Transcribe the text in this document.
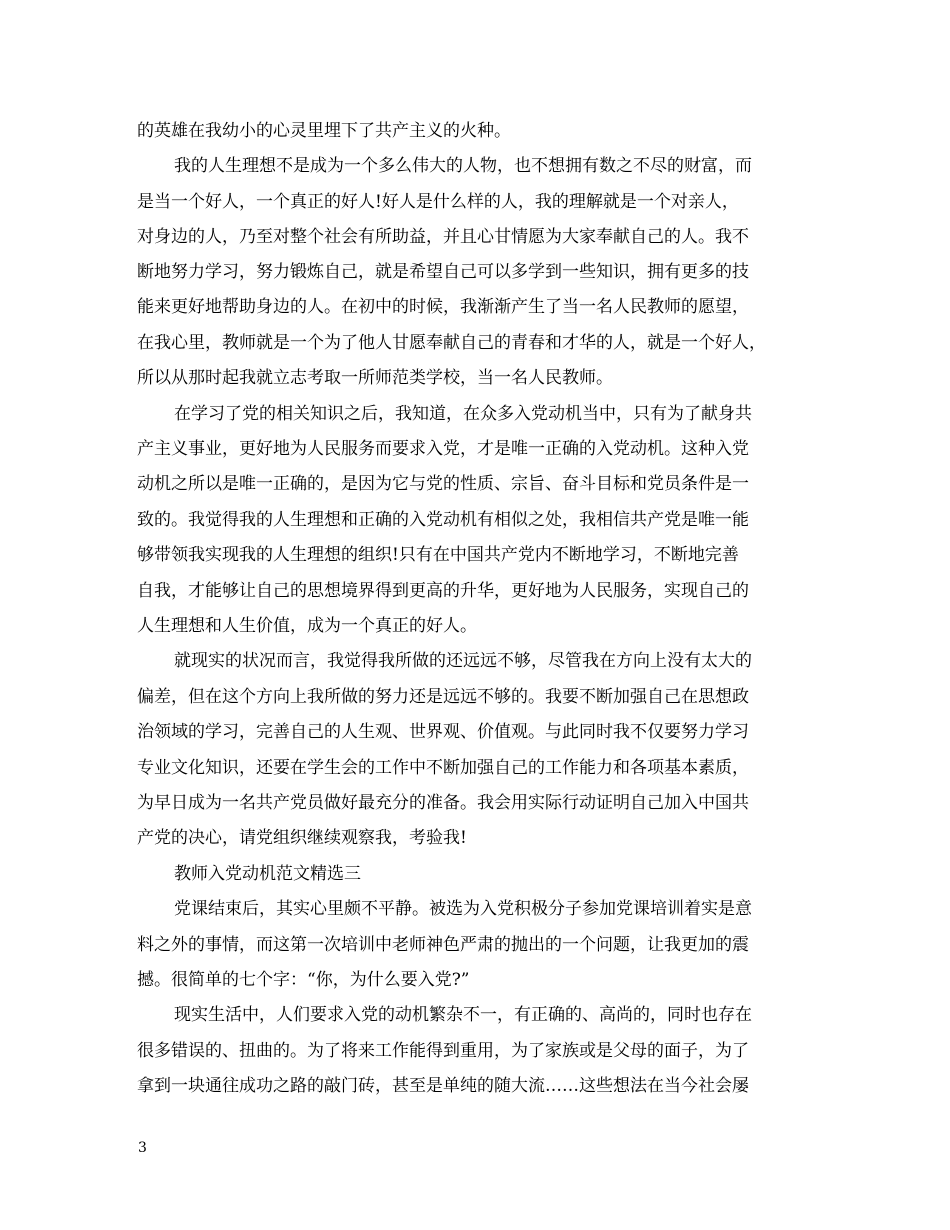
的英雄在我幼小的心灵里埋下了共产主义的火种。
我的人生理想不是成为一个多么伟大的人物，也不想拥有数之不尽的财富，而
是当一个好人，一个真正的好人!好人是什么样的人，我的理解就是一个对亲人，
对身边的人，乃至对整个社会有所助益，并且心甘情愿为大家奉献自己的人。我不
断地努力学习，努力锻炼自己，就是希望自己可以多学到一些知识，拥有更多的技
能来更好地帮助身边的人。在初中的时候，我渐渐产生了当一名人民教师的愿望，
在我心里，教师就是一个为了他人甘愿奉献自己的青春和才华的人，就是一个好人，
所以从那时起我就立志考取一所师范类学校，当一名人民教师。
在学习了党的相关知识之后，我知道，在众多入党动机当中，只有为了献身共
产主义事业，更好地为人民服务而要求入党，才是唯一正确的入党动机。这种入党
动机之所以是唯一正确的，是因为它与党的性质、宗旨、奋斗目标和党员条件是一
致的。我觉得我的人生理想和正确的入党动机有相似之处，我相信共产党是唯一能
够带领我实现我的人生理想的组织!只有在中国共产党内不断地学习，不断地完善
自我，才能够让自己的思想境界得到更高的升华，更好地为人民服务，实现自己的
人生理想和人生价值，成为一个真正的好人。
就现实的状况而言，我觉得我所做的还远远不够，尽管我在方向上没有太大的
偏差，但在这个方向上我所做的努力还是远远不够的。我要不断加强自己在思想政
治领域的学习，完善自己的人生观、世界观、价值观。与此同时我不仅要努力学习
专业文化知识，还要在学生会的工作中不断加强自己的工作能力和各项基本素质，
为早日成为一名共产党员做好最充分的准备。我会用实际行动证明自己加入中国共
产党的决心，请党组织继续观察我，考验我!
教师入党动机范文精选三
党课结束后，其实心里颇不平静。被选为入党积极分子参加党课培训着实是意
料之外的事情，而这第一次培训中老师神色严肃的抛出的一个问题，让我更加的震
撼。很简单的七个字：“你，为什么要入党?”
现实生活中，人们要求入党的动机繁杂不一，有正确的、高尚的，同时也存在
很多错误的、扭曲的。为了将来工作能得到重用，为了家族或是父母的面子，为了
拿到一块通往成功之路的敲门砖，甚至是单纯的随大流……这些想法在当今社会屡
3
